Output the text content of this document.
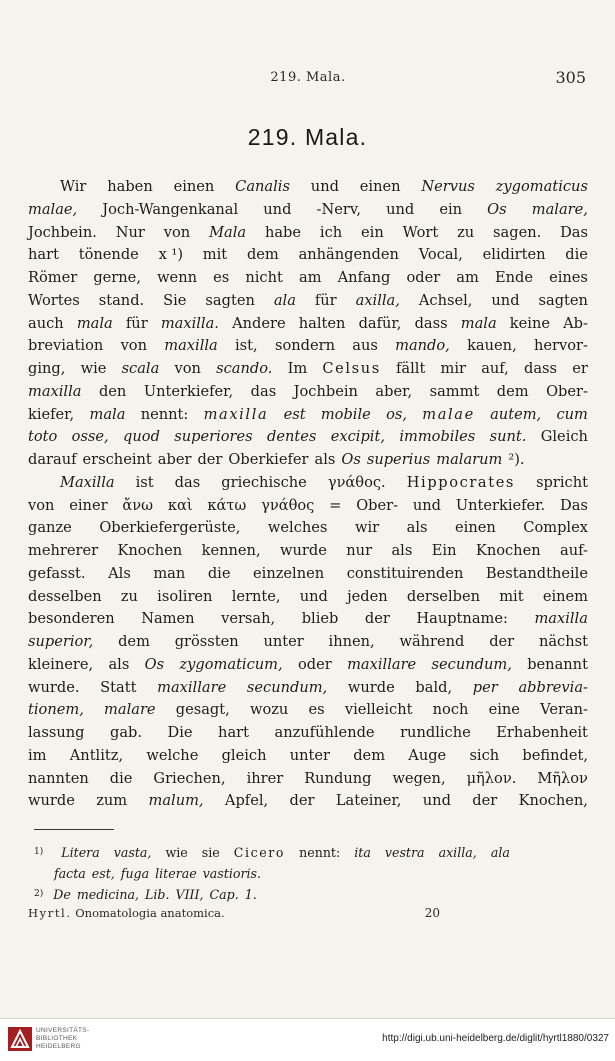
219. Mala.	305
219. Mala.
Wir haben einen Canalis und einen Nervus zygomaticus
malae, Joch-Wangenkanal und -Nerv, und ein Os malare,
Jochbein. Nur von Mala habe ich ein Wort zu sagen. Das
hart tönende x ¹) mit dem anhängenden Vocal, elidirten die
Römer gerne, wenn es nicht am Anfang oder am Ende eines
Wortes stand. Sie sagten ala für axilla, Achsel, und sagten
auch mala für maxilla. Andere halten dafür, dass mala keine Ab-
breviation von maxilla ist, sondern aus mando, kauen, hervor-
ging, wie scala von scando. Im Celsus fällt mir auf, dass er
maxilla den Unterkiefer, das Jochbein aber, sammt dem Ober-
kiefer, mala nennt: maxilla est mobile os, malae autem, cum
toto osse, quod superiores dentes excipit, immobiles sunt. Gleich
darauf erscheint aber der Oberkiefer als Os superius malarum ²).
Maxilla ist das griechische γνάθος. Hippocrates spricht
von einer ἄνω καὶ κάτω γνάθος = Ober- und Unterkiefer. Das
ganze Oberkiefergerüste, welches wir als einen Complex
mehrerer Knochen kennen, wurde nur als Ein Knochen auf-
gefasst. Als man die einzelnen constituirenden Bestandtheile
desselben zu isoliren lernte, und jeden derselben mit einem
besonderen Namen versah, blieb der Hauptname: maxilla
superior, dem grössten unter ihnen, während der nächst
kleinere, als Os zygomaticum, oder maxillare secundum, benannt
wurde. Statt maxillare secundum, wurde bald, per abbrevia-
tionem, malare gesagt, wozu es vielleicht noch eine Veran-
lassung gab. Die hart anzufühlende rundliche Erhabenheit
im Antlitz, welche gleich unter dem Auge sich befindet,
nannten die Griechen, ihrer Rundung wegen, μῆλον. Μῆλον
wurde zum malum, Apfel, der Lateiner, und der Knochen,
1) Litera vasta, wie sie Cicero nennt: ita vestra axilla, ala
facta est, fuga literae vastioris.
2) De medicina, Lib. VIII, Cap. 1.
Hyrtl. Onomatologia anatomica.	20
UNIVERSITÄTS-
BIBLIOTHEK
HEIDELBERG
http://digi.ub.uni-heidelberg.de/diglit/hyrtl1880/0327
